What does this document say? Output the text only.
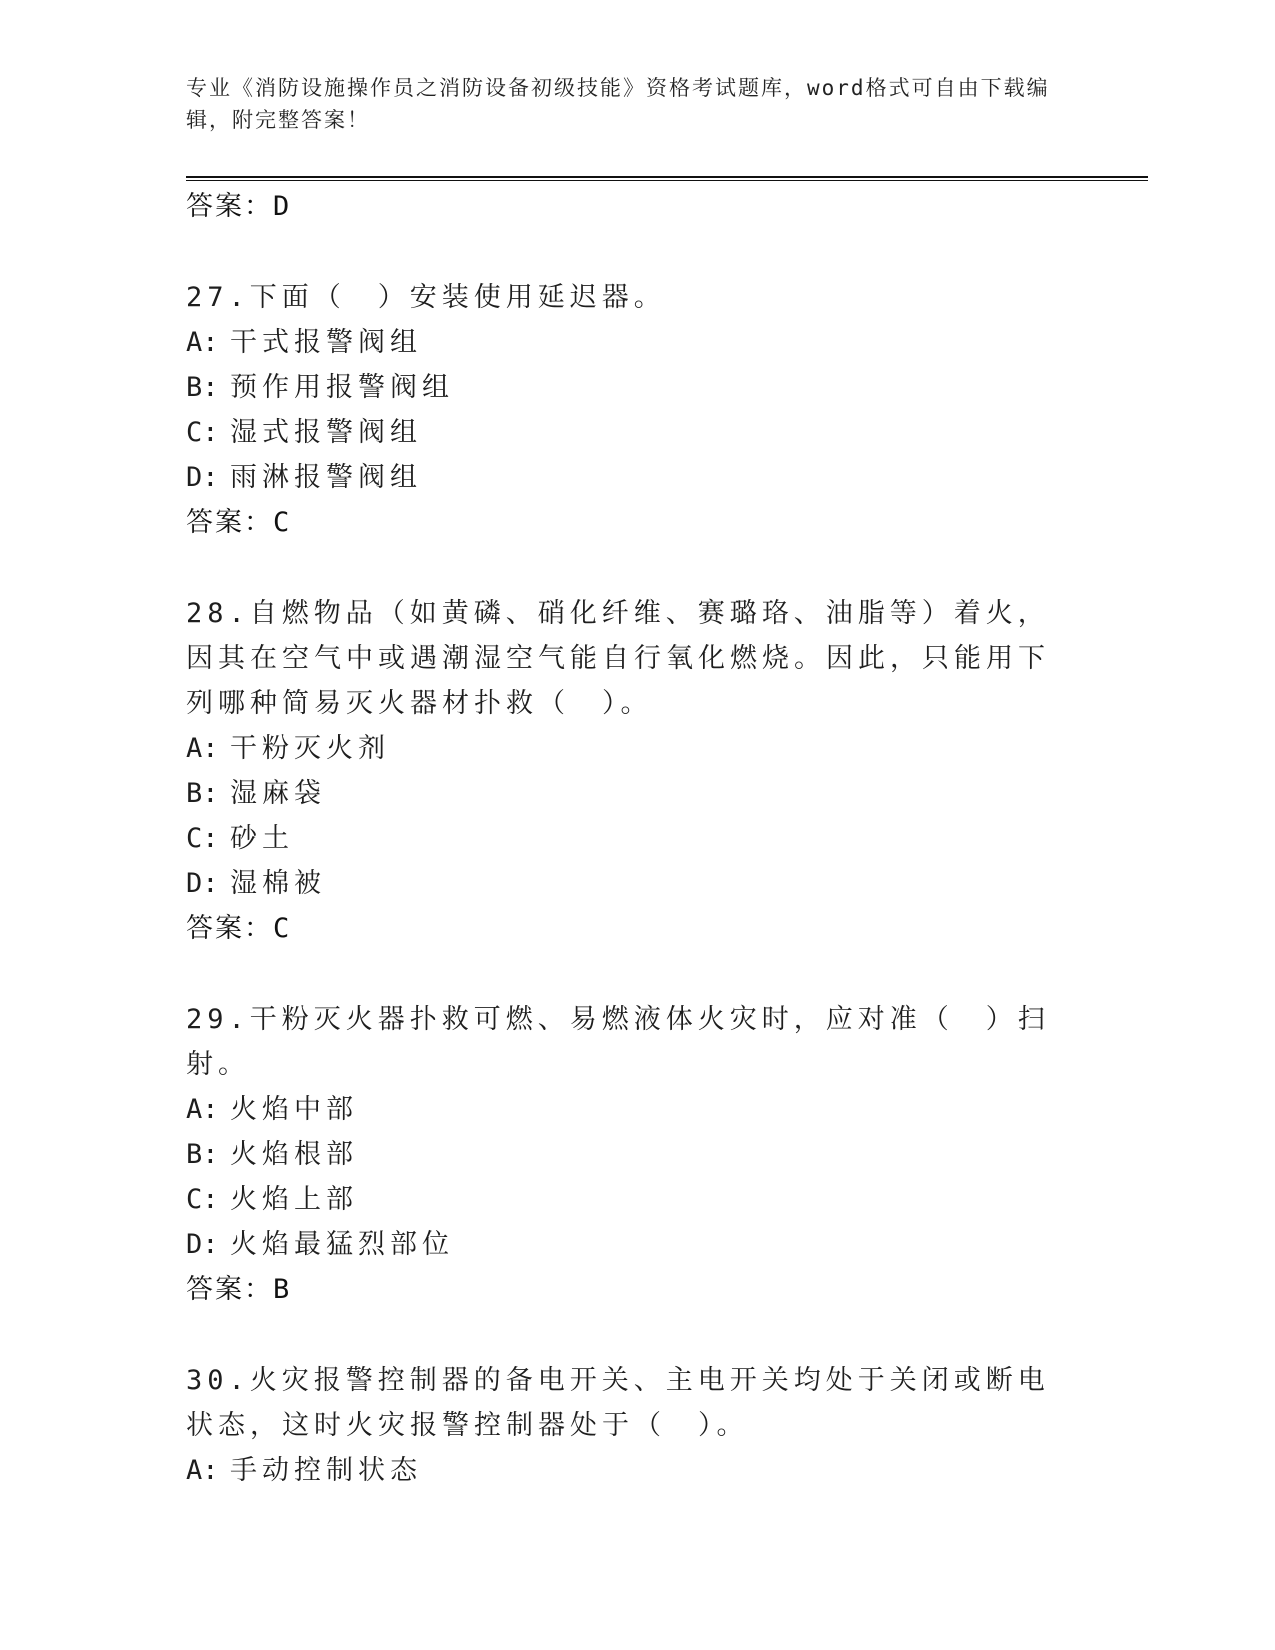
专业《消防设施操作员之消防设备初级技能》资格考试题库，word格式可自由下载编辑，附完整答案！
答案：D
27.下面（　）安装使用延迟器。
A: 干式报警阀组
B: 预作用报警阀组
C: 湿式报警阀组
D: 雨淋报警阀组
答案：C
28.自燃物品（如黄磷、硝化纤维、赛璐珞、油脂等）着火，因其在空气中或遇潮湿空气能自行氧化燃烧。因此，只能用下列哪种简易灭火器材扑救（　）。
A: 干粉灭火剂
B: 湿麻袋
C: 砂土
D: 湿棉被
答案：C
29.干粉灭火器扑救可燃、易燃液体火灾时，应对准（　）扫射。
A: 火焰中部
B: 火焰根部
C: 火焰上部
D: 火焰最猛烈部位
答案：B
30.火灾报警控制器的备电开关、主电开关均处于关闭或断电状态，这时火灾报警控制器处于（　）。
A: 手动控制状态
